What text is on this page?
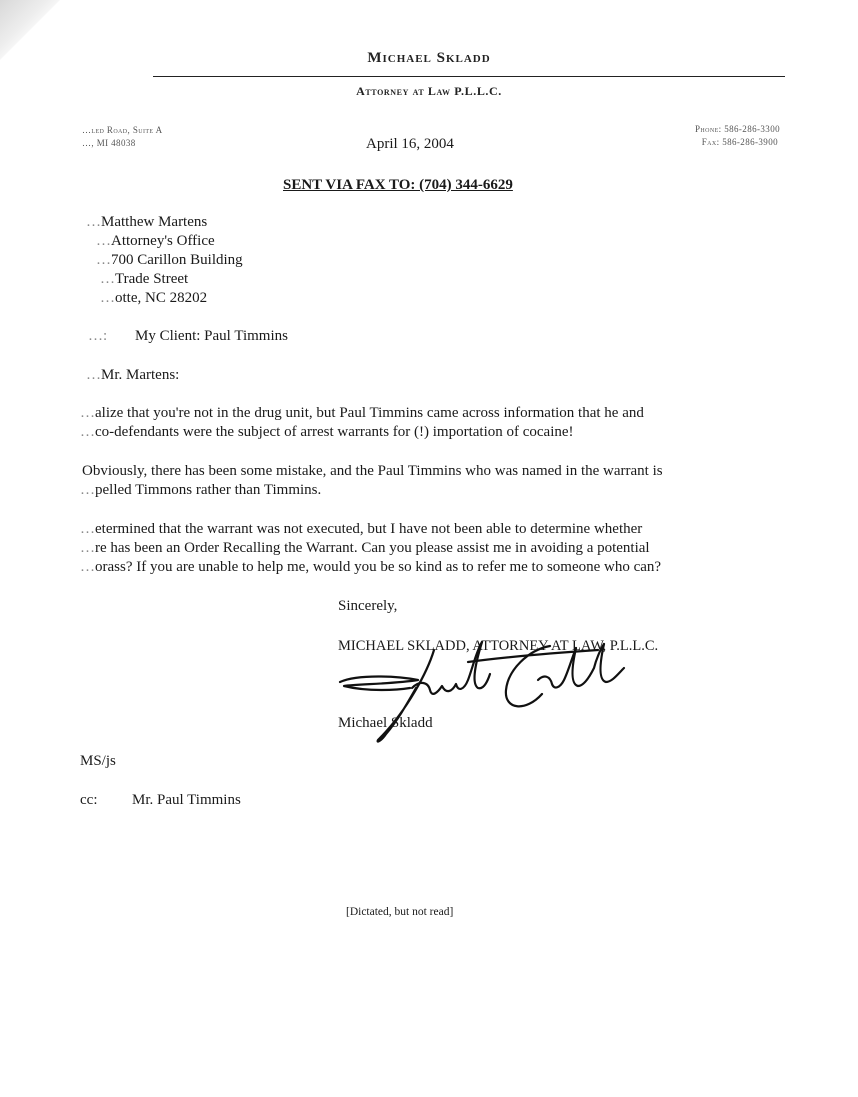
Michael Skladd
Attorney at Law P.L.L.C.
…led Road, Suite A
…, MI 48038
Phone: 586-286-3300
Fax: 586-286-3900
April 16, 2004
SENT VIA FAX TO: (704) 344-6629
…Matthew Martens
…Attorney's Office
…700 Carillon Building
…Trade Street
…otte, NC 28202
…: My Client: Paul Timmins
…Mr. Martens:
…alize that you're not in the drug unit, but Paul Timmins came across information that he and
…co-defendants were the subject of arrest warrants for (!) importation of cocaine!
Obviously, there has been some mistake, and the Paul Timmins who was named in the warrant is
…pelled Timmons rather than Timmins.
…etermined that the warrant was not executed, but I have not been able to determine whether
…re has been an Order Recalling the Warrant. Can you please assist me in avoiding a potential
…orass? If you are unable to help me, would you be so kind as to refer me to someone who can?
Sincerely,
MICHAEL SKLADD, ATTORNEY AT LAW, P.L.L.C.
Michael Skladd
MS/js
cc: Mr. Paul Timmins
[Dictated, but not read]
